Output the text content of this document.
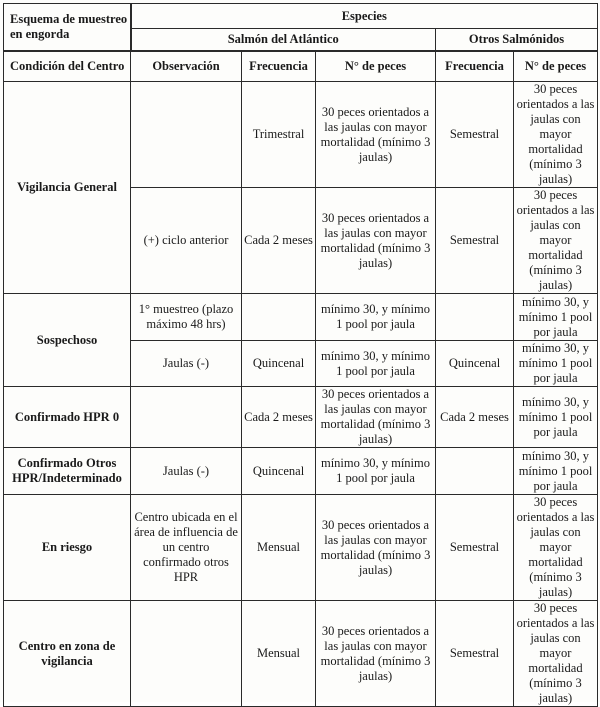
Esquema de muestreo en engorda	Especies				
	Salmón del Atlántico			Otros Salmónidos	
Condición del Centro	Observación	Frecuencia	N° de peces	Frecuencia	N° de peces
Vigilancia General		Trimestral	30 peces orientados a las jaulas con mayor mortalidad (mínimo 3 jaulas)	Semestral	30 peces orientados a las jaulas con mayor mortalidad (mínimo 3 jaulas)
	(+) ciclo anterior	Cada 2 meses	30 peces orientados a las jaulas con mayor mortalidad (mínimo 3 jaulas)	Semestral	30 peces orientados a las jaulas con mayor mortalidad (mínimo 3 jaulas)
Sospechoso	1° muestreo (plazo máximo 48 hrs)		mínimo 30, y mínimo 1 pool por jaula		mínimo 30, y mínimo 1 pool por jaula
	Jaulas (-)	Quincenal	mínimo 30, y mínimo 1 pool por jaula	Quincenal	mínimo 30, y mínimo 1 pool por jaula
Confirmado HPR 0		Cada 2 meses	30 peces orientados a las jaulas con mayor mortalidad (mínimo 3 jaulas)	Cada 2 meses	mínimo 30, y mínimo 1 pool por jaula
Confirmado Otros HPR/Indeterminado	Jaulas (-)	Quincenal	mínimo 30, y mínimo 1 pool por jaula		mínimo 30, y mínimo 1 pool por jaula
En riesgo	Centro ubicada en el área de influencia de un centro confirmado otros HPR	Mensual	30 peces orientados a las jaulas con mayor mortalidad (mínimo 3 jaulas)	Semestral	30 peces orientados a las jaulas con mayor mortalidad (mínimo 3 jaulas)
Centro en zona de vigilancia		Mensual	30 peces orientados a las jaulas con mayor mortalidad (mínimo 3 jaulas)	Semestral	30 peces orientados a las jaulas con mayor mortalidad (mínimo 3 jaulas)
